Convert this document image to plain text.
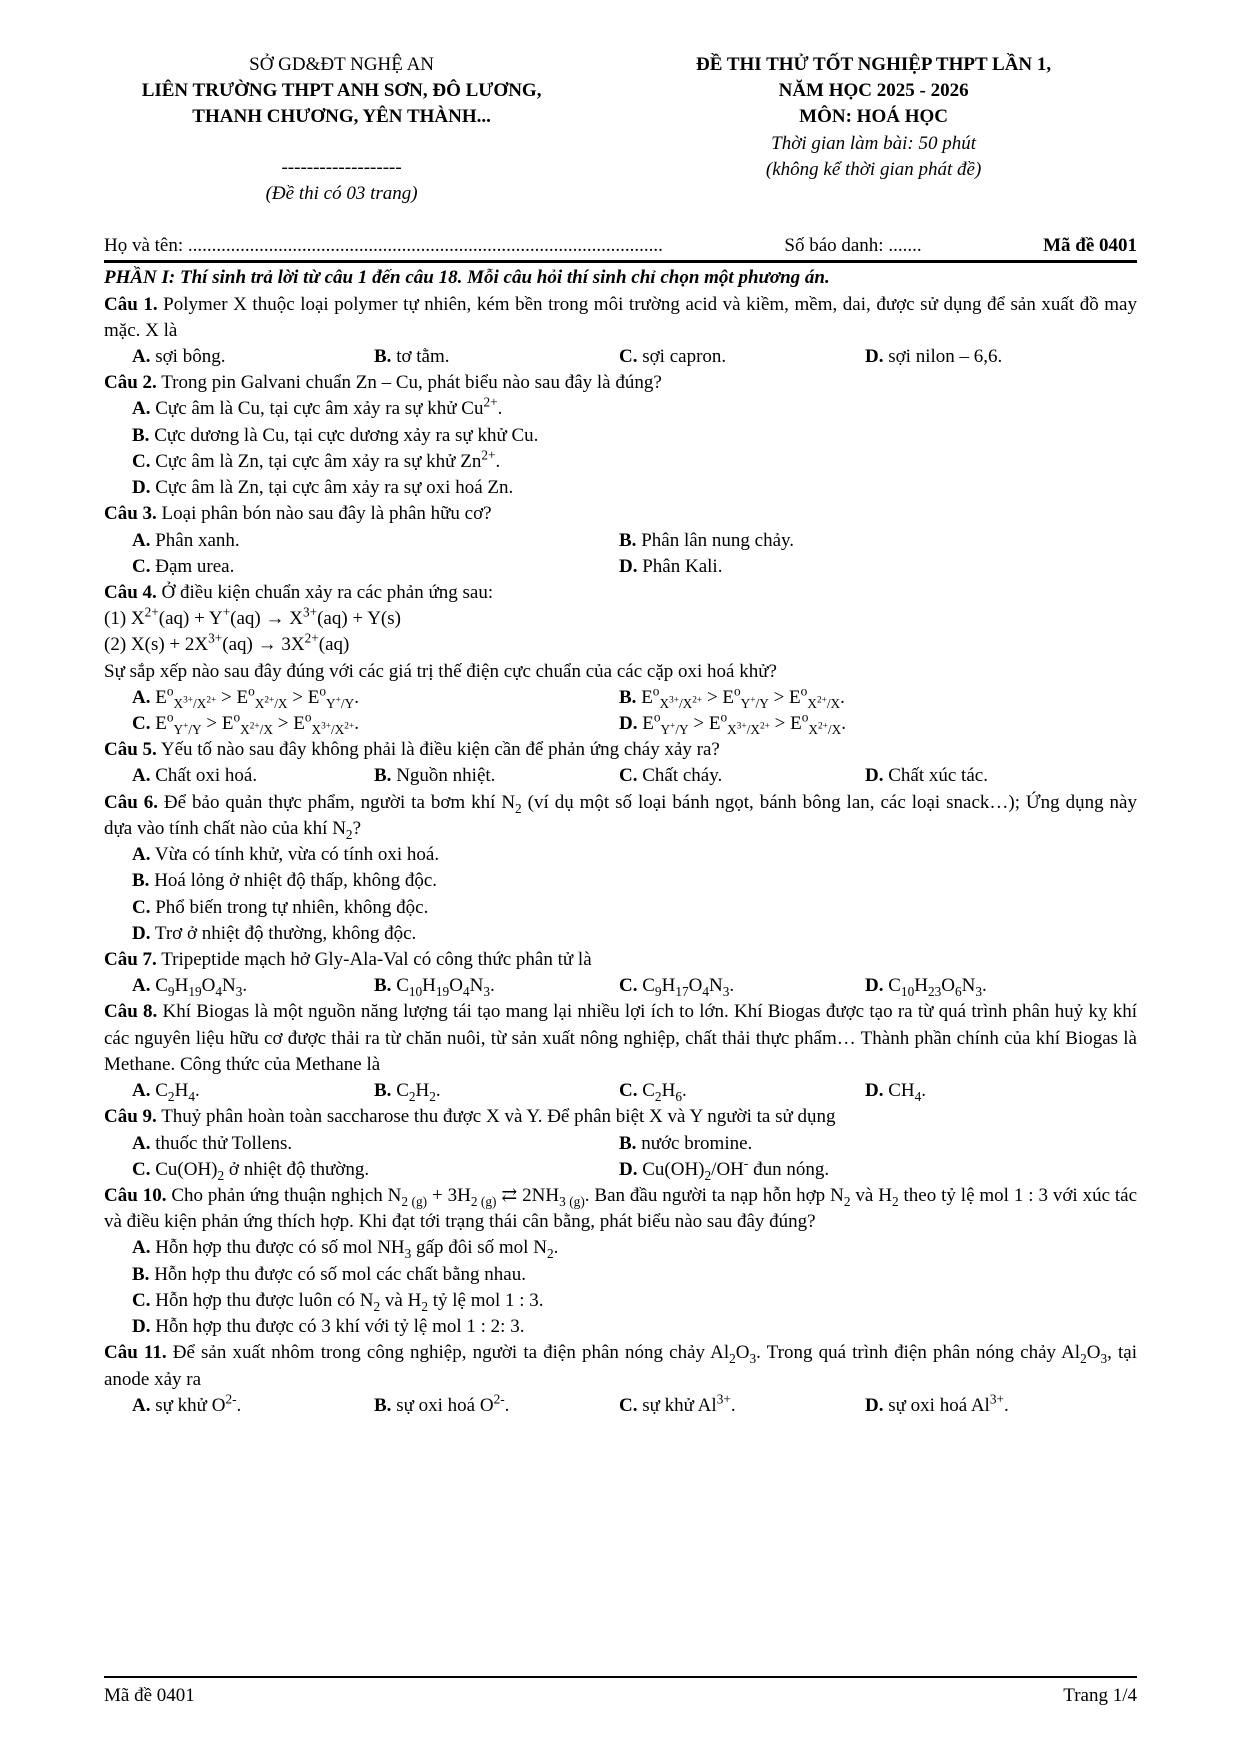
SỞ GD&ĐT NGHỆ AN
LIÊN TRƯỜNG THPT ANH SƠN, ĐÔ LƯƠNG,
THANH CHƯƠNG, YÊN THÀNH...
-------------------
(Đề thi có 03 trang)
ĐỀ THI THỬ TỐT NGHIỆP THPT LẦN 1,
NĂM HỌC 2025 - 2026
MÔN: HOÁ HỌC
Thời gian làm bài: 50 phút
(không kể thời gian phát đề)
Họ và tên: ....................................................................................................	Số báo danh: .......	Mã đề 0401
PHẦN I: Thí sinh trả lời từ câu 1 đến câu 18. Mỗi câu hỏi thí sinh chỉ chọn một phương án.

Câu 1. Polymer X thuộc loại polymer tự nhiên, kém bền trong môi trường acid và kiềm, mềm, dai, được sử dụng để sản xuất đồ may mặc. X là

A. sợi bông.	B. tơ tằm.	C. sợi capron.	D. sợi nilon – 6,6.

Câu 2. Trong pin Galvani chuẩn Zn – Cu, phát biểu nào sau đây là đúng?

A. Cực âm là Cu, tại cực âm xảy ra sự khử $Cu^{2+}$.
B. Cực dương là Cu, tại cực dương xảy ra sự khử Cu.
C. Cực âm là Zn, tại cực âm xảy ra sự khử $Zn^{2+}$.
D. Cực âm là Zn, tại cực âm xảy ra sự oxi hoá Zn.

Câu 3. Loại phân bón nào sau đây là phân hữu cơ?

A. Phân xanh.	B. Phân lân nung chảy.
C. Đạm urea.	D. Phân Kali.

Câu 4. Ở điều kiện chuẩn xảy ra các phản ứng sau:

(1) $X^{2+}(aq) + Y^+(aq) \to X^{3+}(aq) + Y(s)$

(2) $X(s) + 2X^{3+}(aq) \to 3X^{2+}(aq)$

Sự sắp xếp nào sau đây đúng với các giá trị thế điện cực chuẩn của các cặp oxi hoá khử?

A. $E^o_{X^{3+}/X^{2+}} > E^o_{X^{2+}/X} > E^o_{Y^+/Y}$.	B. $E^o_{X^{3+}/X^{2+}} > E^o_{Y^+/Y} > E^o_{X^{2+}/X}$.
C. $E^o_{Y^+/Y} > E^o_{X^{2+}/X} > E^o_{X^{3+}/X^{2+}}$.	D. $E^o_{Y^+/Y} > E^o_{X^{3+}/X^{2+}} > E^o_{X^{2+}/X}$.

Câu 5. Yếu tố nào sau đây không phải là điều kiện cần để phản ứng cháy xảy ra?

A. Chất oxi hoá.	B. Nguồn nhiệt.	C. Chất cháy.	D. Chất xúc tác.

Câu 6. Để bảo quản thực phẩm, người ta bơm khí $N_2$ (ví dụ một số loại bánh ngọt, bánh bông lan, các loại snack…); Ứng dụng này dựa vào tính chất nào của khí $N_2$?

A. Vừa có tính khử, vừa có tính oxi hoá.
B. Hoá lỏng ở nhiệt độ thấp, không độc.
C. Phổ biến trong tự nhiên, không độc.
D. Trơ ở nhiệt độ thường, không độc.

Câu 7. Tripeptide mạch hở Gly-Ala-Val có công thức phân tử là

A. $C_9H_{19}O_4N_3$.	B. $C_{10}H_{19}O_4N_3$.	C. $C_9H_{17}O_4N_3$.	D. $C_{10}H_{23}O_6N_3$.

Câu 8. Khí Biogas là một nguồn năng lượng tái tạo mang lại nhiều lợi ích to lớn. Khí Biogas được tạo ra từ quá trình phân huỷ kỵ khí các nguyên liệu hữu cơ được thải ra từ chăn nuôi, từ sản xuất nông nghiệp, chất thải thực phẩm… Thành phần chính của khí Biogas là Methane. Công thức của Methane là

A. $C_2H_4$.	B. $C_2H_2$.	C. $C_2H_6$.	D. $CH_4$.

Câu 9. Thuỷ phân hoàn toàn saccharose thu được X và Y. Để phân biệt X và Y người ta sử dụng

A. thuốc thử Tollens.	B. nước bromine.
C. $Cu(OH)_2$ ở nhiệt độ thường.	D. $Cu(OH)_2/OH^-$ đun nóng.

Câu 10. Cho phản ứng thuận nghịch $N_{2 (g)} + 3H_{2 (g)}$ ⇄ $2NH_{3 (g)}$. Ban đầu người ta nạp hỗn hợp $N_2$ và $H_2$ theo tỷ lệ mol 1 : 3 với xúc tác và điều kiện phản ứng thích hợp. Khi đạt tới trạng thái cân bằng, phát biểu nào sau đây đúng?

A. Hỗn hợp thu được có số mol $NH_3$ gấp đôi số mol $N_2$.
B. Hỗn hợp thu được có số mol các chất bằng nhau.
C. Hỗn hợp thu được luôn có $N_2$ và $H_2$ tỷ lệ mol 1 : 3.
D. Hỗn hợp thu được có 3 khí với tỷ lệ mol 1 : 2: 3.

Câu 11. Để sản xuất nhôm trong công nghiệp, người ta điện phân nóng chảy $Al_2O_3$. Trong quá trình điện phân nóng chảy $Al_2O_3$, tại anode xảy ra

A. sự khử $O^{2-}$.	B. sự oxi hoá $O^{2-}$.	C. sự khử $Al^{3+}$.	D. sự oxi hoá $Al^{3+}$.
Mã đề 0401	Trang 1/4
